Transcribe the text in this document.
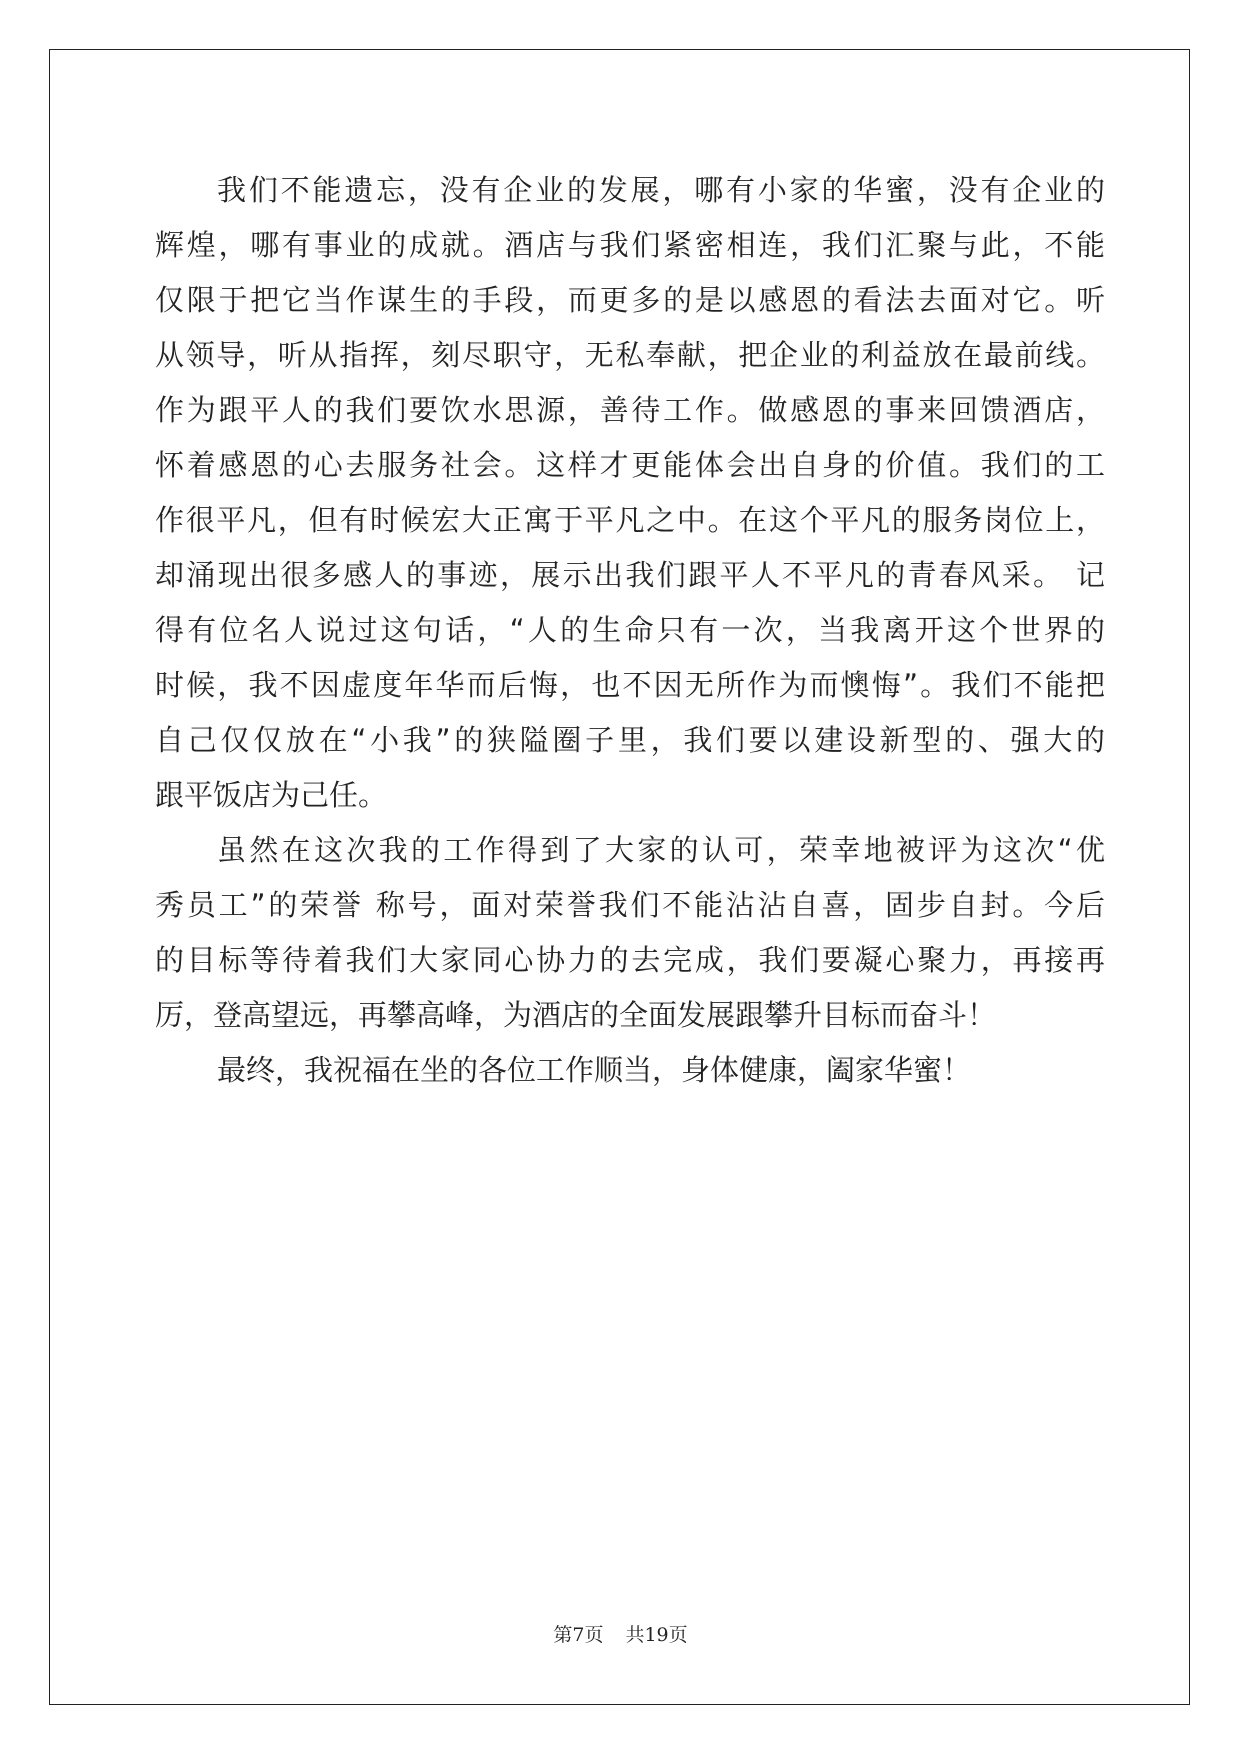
我们不能遗忘，没有企业的发展，哪有小家的华蜜，没有企业的
辉煌，哪有事业的成就。酒店与我们紧密相连，我们汇聚与此，不能
仅限于把它当作谋生的手段，而更多的是以感恩的看法去面对它。听
从领导，听从指挥，刻尽职守，无私奉献，把企业的利益放在最前线。
作为跟平人的我们要饮水思源，善待工作。做感恩的事来回馈酒店，
怀着感恩的心去服务社会。这样才更能体会出自身的价值。我们的工
作很平凡，但有时候宏大正寓于平凡之中。在这个平凡的服务岗位上，
却涌现出很多感人的事迹，展示出我们跟平人不平凡的青春风采。 记
得有位名人说过这句话，“人的生命只有一次，当我离开这个世界的
时候，我不因虚度年华而后悔，也不因无所作为而懊悔”。我们不能把
自己仅仅放在“小我”的狭隘圈子里，我们要以建设新型的、强大的
跟平饭店为己任。
虽然在这次我的工作得到了大家的认可，荣幸地被评为这次“优
秀员工”的荣誉 称号，面对荣誉我们不能沾沾自喜，固步自封。今后
的目标等待着我们大家同心协力的去完成，我们要凝心聚力，再接再
厉，登高望远，再攀高峰，为酒店的全面发展跟攀升目标而奋斗！
最终，我祝福在坐的各位工作顺当，身体健康，阖家华蜜！
第7页 共19页
